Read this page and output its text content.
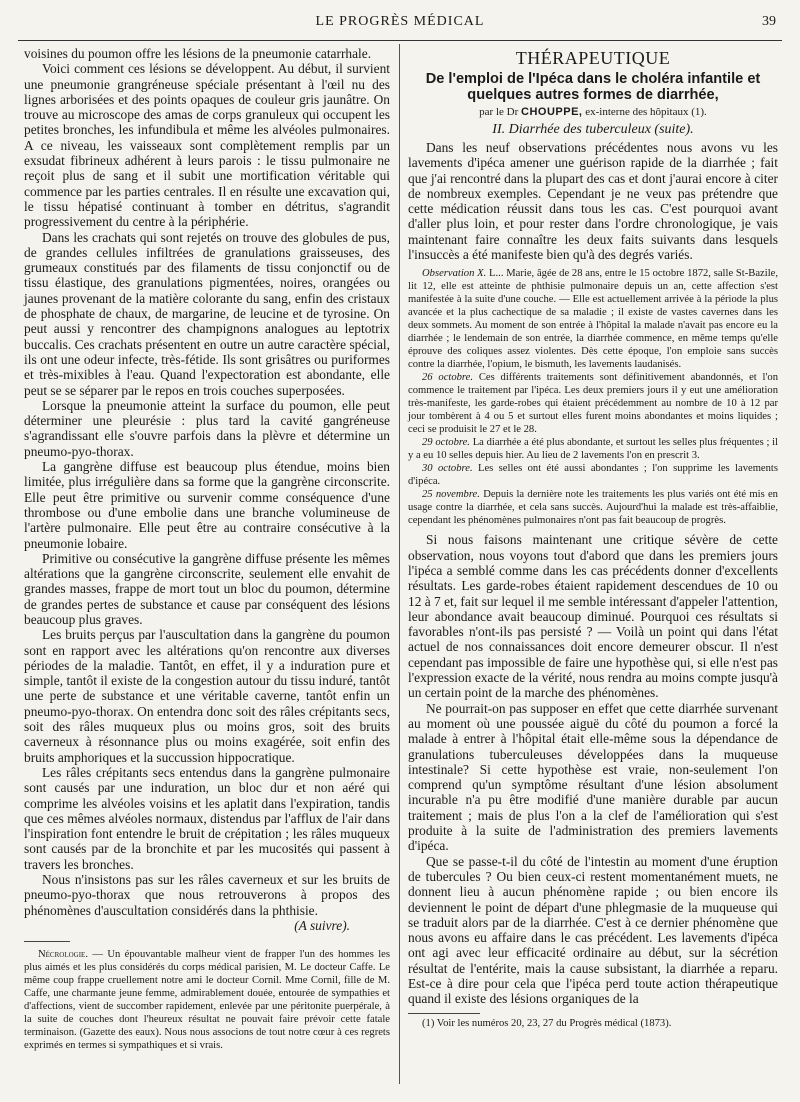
LE PROGRÈS MÉDICAL	39

voisines du poumon offre les lésions de la pneumonie catarrhale.

Voici comment ces lésions se développent. Au début, il survient une pneumonie grangréneuse spéciale présentant à l'œil nu des lignes arborisées et des points opaques de couleur gris jaunâtre. On trouve au microscope des amas de corps granuleux qui occupent les petites bronches, les infundibula et même les alvéoles pulmonaires. A ce niveau, les vaisseaux sont complètement remplis par un exsudat fibrineux adhérent à leurs parois : le tissu pulmonaire ne reçoit plus de sang et il subit une mortification véritable qui commence par les parties centrales. Il en résulte une excavation qui, le tissu hépatisé continuant à tomber en détritus, s'agrandit progressivement du centre à la périphérie.

Dans les crachats qui sont rejetés on trouve des globules de pus, de grandes cellules infiltrées de granulations graisseuses, des grumeaux constitués par des filaments de tissu conjonctif ou de tissu élastique, des granulations pigmentées, noires, orangées ou jaunes provenant de la matière colorante du sang, enfin des cristaux de phosphate de chaux, de margarine, de leucine et de tyrosine. On peut aussi y rencontrer des champignons analogues au leptotrix buccalis. Ces crachats présentent en outre un autre caractère spécial, ils ont une odeur infecte, très-fétide. Ils sont grisâtres ou puriformes et très-mixibles à l'eau. Quand l'expectoration est abondante, elle peut se se séparer par le repos en trois couches superposées.

Lorsque la pneumonie atteint la surface du poumon, elle peut déterminer une pleurésie : plus tard la cavité gangréneuse s'agrandissant elle s'ouvre parfois dans la plèvre et détermine un pneumo-pyo-thorax.

La gangrène diffuse est beaucoup plus étendue, moins bien limitée, plus irrégulière dans sa forme que la gangrène circonscrite. Elle peut être primitive ou survenir comme conséquence d'une thrombose ou d'une embolie dans une branche volumineuse de l'artère pulmonaire. Elle peut être au contraire consécutive à la pneumonie lobaire.

Primitive ou consécutive la gangrène diffuse présente les mêmes altérations que la gangrène circonscrite, seulement elle envahit de grandes masses, frappe de mort tout un bloc du poumon, détermine de grandes pertes de substance et cause par conséquent des lésions beaucoup plus graves.

Les bruits perçus par l'auscultation dans la gangrène du poumon sont en rapport avec les altérations qu'on rencontre aux diverses périodes de la maladie. Tantôt, en effet, il y a induration pure et simple, tantôt il existe de la congestion autour du tissu induré, tantôt une perte de substance et une véritable caverne, tantôt enfin un pneumo-pyo-thorax. On entendra donc soit des râles crépitants secs, soit des râles muqueux plus ou moins gros, soit des bruits caverneux à résonnance plus ou moins exagérée, soit enfin des bruits amphoriques et la succussion hippocratique.

Les râles crépitants secs entendus dans la gangrène pulmonaire sont causés par une induration, un bloc dur et non aéré qui comprime les alvéoles voisins et les aplatit dans l'expiration, tandis que ces mêmes alvéoles normaux, distendus par l'afflux de l'air dans l'inspiration font entendre le bruit de crépitation ; les râles muqueux sont causés par de la bronchite et par les mucosités qui passent à travers les bronches.

Nous n'insistons pas sur les râles caverneux et sur les bruits de pneumo-pyo-thorax que nous retrouverons à propos des phénomènes d'auscultation considérés dans la phthisie.

(A suivre).

Nécrologie. — Un épouvantable malheur vient de frapper l'un des hommes les plus aimés et les plus considérés du corps médical parisien, M. Le docteur Caffe. Le même coup frappe cruellement notre ami le docteur Cornil. Mme Cornil, fille de M. Caffe, une charmante jeune femme, admirablement douée, entourée de sympathies et d'affections, vient de succomber rapidement, enlevée par une péritonite puerpérale, à la suite de couches dont l'heureux résultat ne pouvait faire prévoir cette fatale terminaison. (Gazette des eaux). Nous nous associons de tout notre cœur à ces regrets exprimés en termes si sympathiques et si vrais.

THÉRAPEUTIQUE
De l'emploi de l'Ipéca dans le choléra infantile et quelques autres formes de diarrhée,
par le Dr CHOUPPE, ex-interne des hôpitaux (1).
II. Diarrhée des tuberculeux (suite).

Dans les neuf observations précédentes nous avons vu les lavements d'ipéca amener une guérison rapide de la diarrhée ; fait que j'ai rencontré dans la plupart des cas et dont j'aurai encore à citer de nombreux exemples. Cependant je ne veux pas prétendre que cette médication réussit dans tous les cas. C'est pourquoi avant d'aller plus loin, et pour rester dans l'ordre chronologique, je vais maintenant faire connaître les deux faits suivants dans lesquels l'insuccès a été manifeste bien qu'à des degrés variés.

Observation X. L... Marie, âgée de 28 ans, entre le 15 octobre 1872, salle St-Bazile, lit 12, elle est atteinte de phthisie pulmonaire depuis un an, cette affection s'est manifestée à la suite d'une couche. — Elle est actuellement arrivée à la période la plus avancée et la plus cachectique de sa maladie ; il existe de vastes cavernes dans les deux sommets. Au moment de son entrée à l'hôpital la malade n'avait pas encore eu la diarrhée ; le lendemain de son entrée, la diarrhée commence, en même temps qu'elle éprouve des coliques assez violentes. Dès cette époque, l'on emploie sans succès contre la diarrhée, l'opium, le bismuth, les lavements laudanisés.

26 octobre. Ces différents traitements sont définitivement abandonnés, et l'on commence le traitement par l'ipéca. Les deux premiers jours il y eut une amélioration très-manifeste, les garde-robes qui étaient précédemment au nombre de 10 à 12 par jour tombèrent à 4 ou 5 et surtout elles furent moins abondantes et moins liquides ; ceci se produisit le 27 et le 28.

29 octobre. La diarrhée a été plus abondante, et surtout les selles plus fréquentes ; il y a eu 10 selles depuis hier. Au lieu de 2 lavements l'on en prescrit 3.

30 octobre. Les selles ont été aussi abondantes ; l'on supprime les lavements d'ipéca.

25 novembre. Depuis la dernière note les traitements les plus variés ont été mis en usage contre la diarrhée, et cela sans succès. Aujourd'hui la malade est très-affaiblie, cependant les phénomènes pulmonaires n'ont pas fait beaucoup de progrès.

Si nous faisons maintenant une critique sévère de cette observation, nous voyons tout d'abord que dans les premiers jours l'ipéca a semblé comme dans les cas précédents donner d'excellents résultats. Les garde-robes étaient rapidement descendues de 10 ou 12 à 7 et, fait sur lequel il me semble intéressant d'appeler l'attention, leur abondance avait beaucoup diminué. Pourquoi ces résultats si favorables n'ont-ils pas persisté ? — Voilà un point qui dans l'état actuel de nos connaissances doit encore demeurer obscur. Il n'est cependant pas impossible de faire une hypothèse qui, si elle n'est pas l'expression exacte de la vérité, nous rendra au moins compte jusqu'à un certain point de la marche des phénomènes.

Ne pourrait-on pas supposer en effet que cette diarrhée survenant au moment où une poussée aiguë du côté du poumon a forcé la malade à entrer à l'hôpital était elle-même sous la dépendance de granulations tuberculeuses développées dans la muqueuse intestinale? Si cette hypothèse est vraie, non-seulement l'on comprend qu'un symptôme résultant d'une lésion absolument incurable n'a pu être modifié d'une manière durable par aucun traitement ; mais de plus l'on a la clef de l'amélioration qui s'est produite à la suite de l'administration des premiers lavements d'ipéca.

Que se passe-t-il du côté de l'intestin au moment d'une éruption de tubercules ? Ou bien ceux-ci restent momentanément muets, ne donnent lieu à aucun phénomène rapide ; ou bien encore ils deviennent le point de départ d'une phlegmasie de la muqueuse qui se traduit alors par de la diarrhée. C'est à ce dernier phénomène que nous avons eu affaire dans le cas précédent. Les lavements d'ipéca ont agi avec leur efficacité ordinaire au début, sur la sécrétion résultat de l'entérite, mais la cause subsistant, la diarrhée a reparu. Est-ce à dire pour cela que l'ipéca perd toute action thérapeutique quand il existe des lésions organiques de la

(1) Voir les numéros 20, 23, 27 du Progrès médical (1873).
